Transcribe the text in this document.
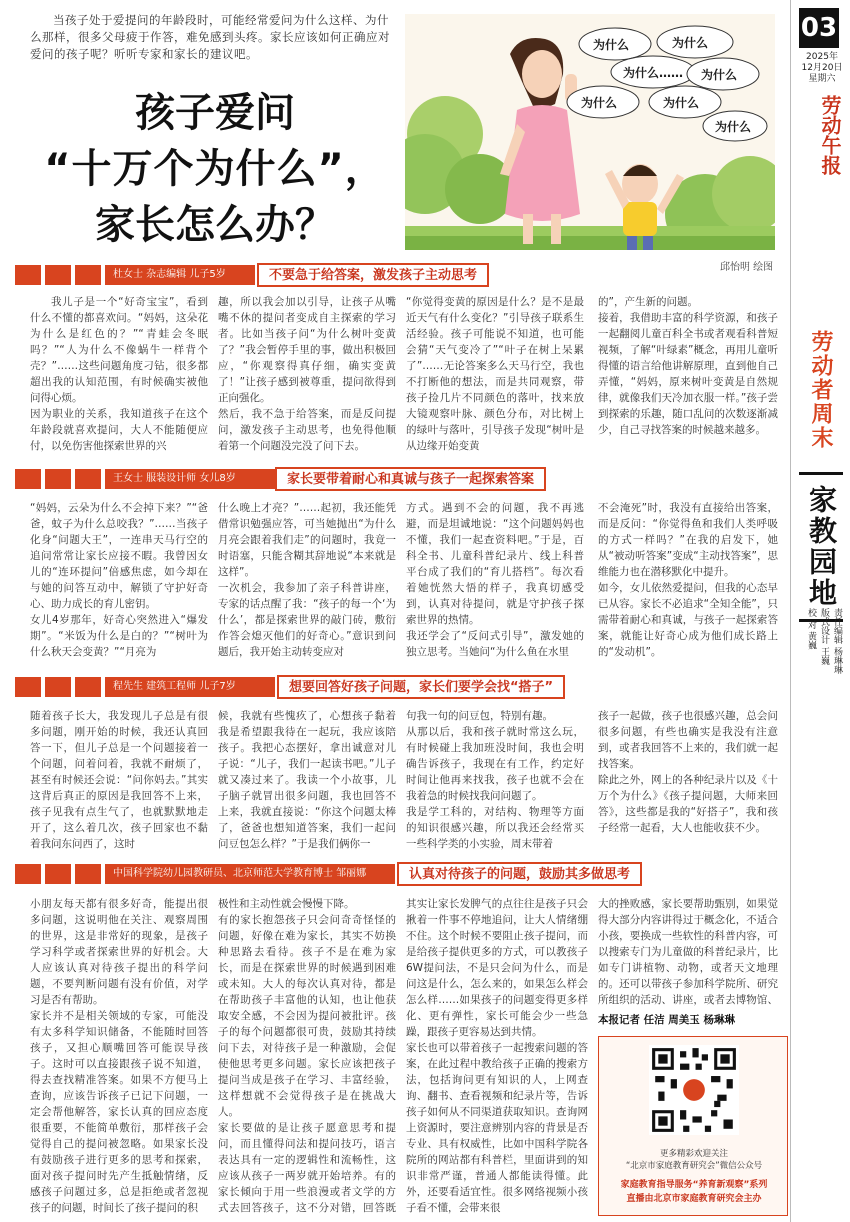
当孩子处于爱提问的年龄段时，可能经常爱问为什么这样、为什么那样，很多父母疲于作答，难免感到头疼。家长应该如何正确应对爱问的孩子呢？听听专家和家长的建议吧。
孩子爱问
“十万个为什么”，
家长怎么办？
为什么	为什么
为什么……
为什么
为什么
为什么
为什么
邱怡明 绘图
杜女士 杂志编辑 儿子5岁	不要急于给答案，激发孩子主动思考
我儿子是一个“好奇宝宝”，看到什么不懂的都喜欢问。“妈妈，这朵花为什么是红色的？”“青蛙会冬眠吗？”“人为什么不像蜗牛一样背个壳？”……这些问题角度刁钻，很多都超出我的认知范围，有时候确实被他问得心烦。
因为职业的关系，我知道孩子在这个年龄段就喜欢提问，大人不能随便应付，以免伤害他探索世界的兴
趣，所以我会加以引导，让孩子从嘴嘴不休的提问者变成自主探索的学习者。比如当孩子问“为什么树叶变黄了？”我会暂停手里的事，做出积极回应，“你观察得真仔细，确实变黄了！”让孩子感到被尊重，提问欲得到正向强化。
然后，我不急于给答案，而是反问提问，激发孩子主动思考，也免得他顺着第一个问题没完没了问下去。
“你觉得变黄的原因是什么？是不是最近天气有什么变化？”引导孩子联系生活经验。孩子可能说不知道，也可能会猜“天气变冷了”“叶子在树上呆累了”……无论答案多么天马行空，我也不打断他的想法，而是共同观察，带孩子捡几片不同颜色的落叶，找来放大镜观察叶脉、颜色分布，对比树上的绿叶与落叶，引导孩子发现“树叶是从边缘开始变黄
的”，产生新的问题。
接着，我借助丰富的科学资源，和孩子一起翻阅儿童百科全书或者观看科普短视频，了解“叶绿素”概念，再用儿童听得懂的语言给他讲解原理，直到他自己弄懂，“妈妈，原来树叶变黄是自然规律，就像我们天冷加衣服一样。”孩子尝到探索的乐趣，随口乱问的次数逐渐减少，自己寻找答案的时候越来越多。
王女士 服装设计师 女儿8岁	家长要带着耐心和真诚与孩子一起探索答案
“妈妈，云朵为什么不会掉下来？”“爸爸，蚊子为什么总咬我？”……当孩子化身“问题大王”，一连串天马行空的追问常常让家长应接不暇。我曾因女儿的“连环提问”倍感焦虑，如今却在与她的问答互动中，解锁了守护好奇心、助力成长的育儿密钥。
女儿4岁那年，好奇心突然进入“爆发期”。“米饭为什么是白的？”“树叶为什么秋天会变黄？”“月亮为
什么晚上才亮？”……起初，我还能凭借常识勉强应答，可当她抛出“为什么月亮会跟着我们走”的问题时，我竟一时语塞，只能含糊其辞地说“本来就是这样”。
一次机会，我参加了亲子科普讲座，专家的话点醒了我：“孩子的每一个‘为什么’，都是探索世界的敲门砖，敷衍作答会熄灭他们的好奇心。”意识到问题后，我开始主动转变应对
方式。遇到不会的问题，我不再逃避，而是坦诚地说：“这个问题妈妈也不懂，我们一起查资料吧。”于是，百科全书、儿童科普纪录片、线上科普平台成了我们的“育儿搭档”。每次看着她恍然大悟的样子，我真切感受到，认真对待提问，就是守护孩子探索世界的热情。
我还学会了“反问式引导”，激发她的独立思考。当她问“为什么鱼在水里
不会淹死”时，我没有直接给出答案，而是反问：“你觉得鱼和我们人类呼吸的方式一样吗？”在我的启发下，她从“被动听答案”变成“主动找答案”，思维能力也在潜移默化中提升。
如今，女儿依然爱提问，但我的心态早已从容。家长不必追求“全知全能”，只需带着耐心和真诚，与孩子一起探索答案，就能让好奇心成为他们成长路上的“发动机”。
程先生 建筑工程师 儿子7岁	想要回答好孩子问题，家长们要学会找“搭子”
随着孩子长大，我发现儿子总是有很多问题，刚开始的时候，我还认真回答一下，但儿子总是一个问题接着一个问题，问着问着，我就不耐烦了，甚至有时候还会说：“问你妈去。”其实这背后真正的原因是我回答不上来，孩子见我有点生气了，也就默默地走开了，这么着几次，孩子回家也不黏着我问东问西了，这时
候，我就有些愧疚了，心想孩子黏着我是希望跟我待在一起玩，我应该陪孩子。我把心态摆好，拿出诚意对儿子说：“儿子，我们一起读书吧。”儿子就又凑过来了。我读一个小故事，儿子脑子就冒出很多问题，我也回答不上来，我就直接说：“你这个问题太棒了，爸爸也想知道答案，我们一起问问豆包怎么样？”于是我们俩你一
句我一句的问豆包，特别有趣。
从那以后，我和孩子就时常这么玩，有时候碰上我加班没时间，我也会明确告诉孩子，我现在有工作，约定好时间让他再来找我，孩子也就不会在我着急的时候找我问问题了。
我是学工科的，对结构、物理等方面的知识很感兴趣，所以我还会经常买一些科学类的小实验，周末带着
孩子一起做，孩子也很感兴趣，总会问很多问题，有些也确实是我没有注意到，或者我回答不上来的，我们就一起找答案。
除此之外，网上的各种纪录片以及《十万个为什么》《孩子提问题，大师来回答》，这些都是我的“好搭子”，我和孩子经常一起看，大人也能收获不少。
中国科学院幼儿园教研员、北京师范大学教育博士 邹丽娜	认真对待孩子的问题，鼓励其多做思考
小朋友每天都有很多好奇，能提出很多问题，这说明他在关注、观察周围的世界，这是非常好的现象，是孩子学习科学或者探索世界的好机会。大人应该认真对待孩子提出的科学问题，不要判断问题有没有价值，对学习是否有帮助。
家长并不是相关领域的专家，可能没有太多科学知识储备，不能随时回答孩子，又担心顺嘴回答可能误导孩子。这时可以直接跟孩子说不知道，得去查找精准答案。如果不方便马上查询，应该告诉孩子已记下问题，一定会帮他解答，家长认真的回应态度很重要，不能简单敷衍，那样孩子会觉得自己的提问被忽略。如果家长没有鼓励孩子进行更多的思考和探索，面对孩子提问时先产生抵触情绪，反感孩子问题过多，总是拒绝或者忽视孩子的问题，时间长了孩子提问的积
极性和主动性就会慢慢下降。
有的家长抱怨孩子只会问奇奇怪怪的问题，好像在难为家长，其实不妨换种思路去看待。孩子不是在难为家长，而是在探索世界的时候遇到困难或未知。大人的每次认真对待，都是在帮助孩子丰富他的认知，也让他获取安全感，不会因为提问被批评。孩子的每个问题都很可贵，鼓励其持续问下去，对待孩子是一种激励，会促使他思考更多问题。家长应该把孩子提问当成是孩子在学习、丰富经验，这样想就不会觉得孩子是在挑战大人。
家长要做的是让孩子愿意思考和提问，而且懂得问法和提问技巧，语言表达具有一定的逻辑性和流畅性，这应该从孩子一两岁就开始培养。有的家长倾向于用一些浪漫或者文学的方式去回答孩子，这不分对错，回答既
其实让家长发脾气的点往往是孩子只会揪着一件事不停地追问，让大人情绪绷不住。这个时候不要阻止孩子提问，而是给孩子提供更多的方式，可以教孩子6W提问法，不是只会问为什么，而是问这是什么，怎么来的，如果怎么样会怎么样……如果孩子的问题变得更多样化、更有弹性，家长可能会少一些急躁，跟孩子更容易达到共情。
家长也可以带着孩子一起搜索问题的答案，在此过程中教给孩子正确的搜索方法，包括询问更有知识的人，上网查询、翻书、查看视频和纪录片等，告诉孩子如何从不同渠道获取知识。查询网上资源时，要注意辨别内容的背景是否专业、具有权威性，比如中国科学院各院所的网站都有科普栏，里面讲到的知识非常严谨，普通人都能读得懂。此外，还要看适宜性。很多网络视频小孩子看不懂，会带来很
大的挫败感，家长要帮助甄别，如果觉得大部分内容讲得过于概念化，不适合小孩，要换成一些软性的科普内容，可以搜索专门为儿童做的科普纪录片，比如专门讲植物、动物，或者天文地理的。还可以带孩子参加科学院所、研究所组织的活动、讲座，或者去博物馆、
本报记者 任洁 周美玉 杨琳琳
更多精彩欢迎关注
“北京市家庭教育研究会”微信公众号
家庭教育指导服务“养育新观察”系列
直播由北京市家庭教育研究会主办
03
2025年
12月20日
星期六
劳动午报
劳动者周末
家教园地
责任编辑 杨琳琳
版式设计 王巍
校 对 黄巍
